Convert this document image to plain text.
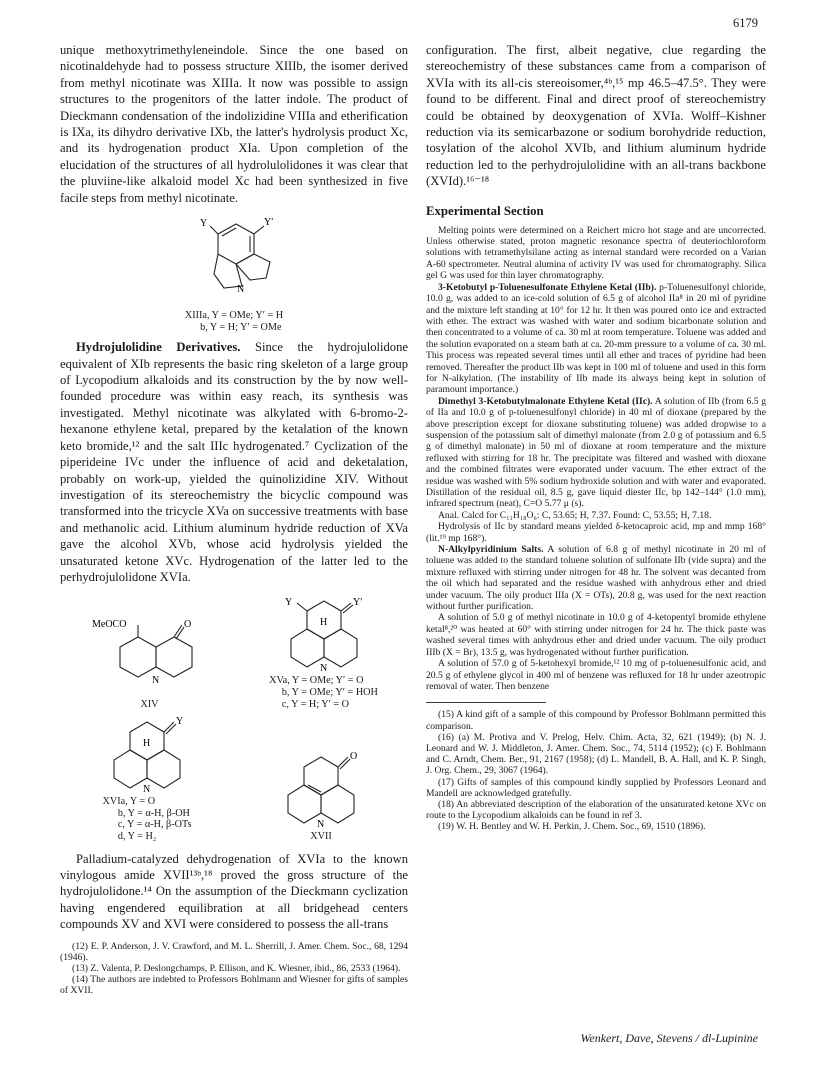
6179

unique methoxytrimethyleneindole. Since the one based on nicotinaldehyde had to possess structure XIIIb, the isomer derived from methyl nicotinate was XIIIa. It now was possible to assign structures to the progenitors of the latter indole. The product of Dieckmann condensation of the indolizidine VIIIa and etherification is IXa, its dihydro derivative IXb, the latter's hydrolysis product Xc, and its hydrogenation product XIa. Upon completion of the elucidation of the structures of all hydrolulolidones it was clear that the pluviine-like alkaloid model Xc had been synthesized in five facile steps from methyl nicotinate.

Y	Y′
N
XIIIa, Y = OMe; Y′ = H
b, Y = H; Y′ = OMe

Hydrojulolidine Derivatives. Since the hydrojulolidone equivalent of XIb represents the basic ring skeleton of a large group of Lycopodium alkaloids and its construction by the by now well-founded procedure was within easy reach, its synthesis was investigated. Methyl nicotinate was alkylated with 6-bromo-2-hexanone ethylene ketal, prepared by the ketalation of the known keto bromide,¹² and the salt IIIc hydrogenated.⁷ Cyclization of the piperideine IVc under the influence of acid and deketalation, probably on work-up, yielded the quinolizidine XIV. Without investigation of its stereochemistry the bicyclic compound was transformed into the tricycle XVa on successive treatments with base and methanolic acid. Lithium aluminum hydride reduction of XVa gave the alcohol XVb, whose acid hydrolysis yielded the unsaturated ketone XVc. Hydrogenation of the latter led to the perhydrojulolidone XVIa.

MeOCO	O
N
XIV
Y	Y′
H
N
XVa, Y = OMe; Y′ = O
b, Y = OMe; Y′ = HOH
c, Y = H; Y′ = O
Y
H
N
XVIa, Y = O
b, Y = α-H, β-OH
c, Y = α-H, β-OTs
d, Y = H₂
O
N
XVII

Palladium-catalyzed dehydrogenation of XVIa to the known vinylogous amide XVII¹³ᵇ,¹⁸ proved the gross structure of the hydrojulolidone.¹⁴ On the assumption of the Dieckmann cyclization having engendered equilibration at all bridgehead centers compounds XV and XVI were considered to possess the all-trans

(12) E. P. Anderson, J. V. Crawford, and M. L. Sherrill, J. Amer. Chem. Soc., 68, 1294 (1946).

(13) Z. Valenta, P. Deslongchamps, P. Ellison, and K. Wiesner, ibid., 86, 2533 (1964).

(14) The authors are indebted to Professors Bohlmann and Wiesner for gifts of samples of XVII.

configuration. The first, albeit negative, clue regarding the stereochemistry of these substances came from a comparison of XVIa with its all-cis stereoisomer,⁴ᵇ,¹⁵ mp 46.5–47.5°. They were found to be different. Final and direct proof of stereochemistry could be obtained by deoxygenation of XVIa. Wolff–Kishner reduction via its semicarbazone or sodium borohydride reduction, tosylation of the alcohol XVIb, and lithium aluminum hydride reduction led to the perhydrojulolidine with an all-trans backbone (XVId).¹⁶⁻¹⁸

Experimental Section

Melting points were determined on a Reichert micro hot stage and are uncorrected. Unless otherwise stated, proton magnetic resonance spectra of deuteriochloroform solutions with tetramethylsilane acting as internal standard were recorded on a Varian A-60 spectrometer. Neutral alumina of activity IV was used for chromatography. Silica gel G was used for thin layer chromatography.

3-Ketobutyl p-Toluenesulfonate Ethylene Ketal (IIb). p-Toluenesulfonyl chloride, 10.0 g, was added to an ice-cold solution of 6.5 g of alcohol IIa⁸ in 20 ml of pyridine and the mixture left standing at 10° for 12 hr. It then was poured onto ice and extracted with ether. The extract was washed with water and sodium bicarbonate solution and then concentrated to a volume of ca. 30 ml at room temperature. Toluene was added and the solution evaporated on a steam bath at ca. 20-mm pressure to a volume of ca. 30 ml. This process was repeated several times until all ether and traces of pyridine had been removed. Thereafter the product IIb was kept in 100 ml of toluene and used in this form for N-alkylation. (The instability of IIb made its always being kept in solution of paramount importance.)

Dimethyl 3-Ketobutylmalonate Ethylene Ketal (IIc). A solution of IIb (from 6.5 g of IIa and 10.0 g of p-toluenesulfonyl chloride) in 40 ml of dioxane (prepared by the above prescription except for dioxane substituting toluene) was added dropwise to a suspension of the potassium salt of dimethyl malonate (from 2.0 g of potassium and 6.5 g of dimethyl malonate) in 50 ml of dioxane at room temperature and the mixture refluxed with stirring for 18 hr. The precipitate was filtered and washed with dioxane and the combined filtrates were evaporated under vacuum. The ether extract of the residue was washed with 5% sodium hydroxide solution and with water and evaporated. Distillation of the residual oil, 8.5 g, gave liquid diester IIc, bp 142–144° (1.0 mm), infrared spectrum (neat), C=O 5.77 μ (s).

Anal. Calcd for C₁₁H₁₈O₆: C, 53.65; H, 7.37. Found: C, 53.55; H, 7.18.

Hydrolysis of IIc by standard means yielded δ-ketocaproic acid, mp and mmp 168° (lit.¹⁹ mp 168°).

N-Alkylpyridinium Salts. A solution of 6.8 g of methyl nicotinate in 20 ml of toluene was added to the standard toluene solution of sulfonate IIb (vide supra) and the mixture refluxed with stirring under nitrogen for 48 hr. The solvent was decanted from the oil which had separated and the residue washed with anhydrous ether and dried under vacuum. The oily product IIIa (X = OTs), 20.8 g, was used for the next reaction without further purification.

A solution of 5.0 g of methyl nicotinate in 10.0 g of 4-ketopentyl bromide ethylene ketal⁸,²⁰ was heated at 60° with stirring under nitrogen for 24 hr. The thick paste was washed several times with anhydrous ether and dried under vacuum. The oily product IIIb (X = Br), 13.5 g, was hydrogenated without further purification.

A solution of 57.0 g of 5-ketohexyl bromide,¹² 10 mg of p-toluenesulfonic acid, and 20.5 g of ethylene glycol in 400 ml of benzene was refluxed for 18 hr under azeotropic removal of water. Then benzene

(15) A kind gift of a sample of this compound by Professor Bohlmann permitted this comparison.

(16) (a) M. Protiva and V. Prelog, Helv. Chim. Acta, 32, 621 (1949); (b) N. J. Leonard and W. J. Middleton, J. Amer. Chem. Soc., 74, 5114 (1952); (c) F. Bohlmann and C. Arndt, Chem. Ber., 91, 2167 (1958); (d) L. Mandell, B. A. Hall, and K. P. Singh, J. Org. Chem., 29, 3067 (1964).

(17) Gifts of samples of this compound kindly supplied by Professors Leonard and Mandell are acknowledged gratefully.

(18) An abbreviated description of the elaboration of the unsaturated ketone XVc on route to the Lycopodium alkaloids can be found in ref 3.

(19) W. H. Bentley and W. H. Perkin, J. Chem. Soc., 69, 1510 (1896).

Wenkert, Dave, Stevens / dl-Lupinine
